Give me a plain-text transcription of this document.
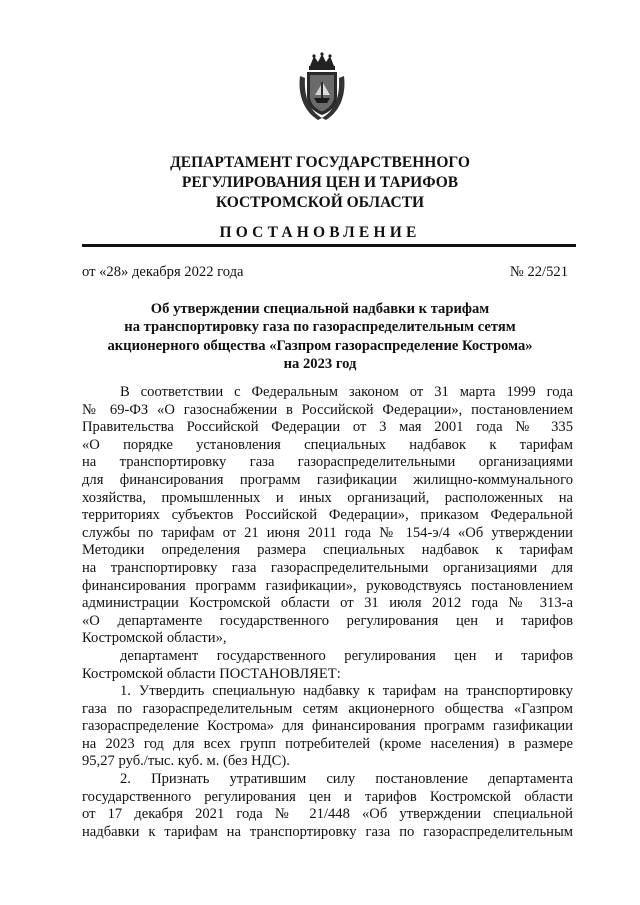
ДЕПАРТАМЕНТ ГОСУДАРСТВЕННОГО
РЕГУЛИРОВАНИЯ ЦЕН И ТАРИФОВ
КОСТРОМСКОЙ ОБЛАСТИ
ПОСТАНОВЛЕНИЕ
от «28» декабря 2022 года	№ 22/521
Об утверждении специальной надбавки к тарифам
на транспортировку газа по газораспределительным сетям
акционерного общества «Газпром газораспределение Кострома»
на 2023 год
В соответствии с Федеральным законом от 31 марта 1999 года
№ 69-ФЗ «О газоснабжении в Российской Федерации», постановлением
Правительства Российской Федерации от 3 мая 2001 года № 335
«О порядке установления специальных надбавок к тарифам
на транспортировку газа газораспределительными организациями
для финансирования программ газификации жилищно-коммунального
хозяйства, промышленных и иных организаций, расположенных на
территориях субъектов Российской Федерации», приказом Федеральной
службы по тарифам от 21 июня 2011 года № 154-э/4 «Об утверждении
Методики определения размера специальных надбавок к тарифам
на транспортировку газа газораспределительными организациями для
финансирования программ газификации», руководствуясь постановлением
администрации Костромской области от 31 июля 2012 года № 313-а
«О департаменте государственного регулирования цен и тарифов
Костромской области»,
департамент государственного регулирования цен и тарифов
Костромской области ПОСТАНОВЛЯЕТ:
1. Утвердить специальную надбавку к тарифам на транспортировку
газа по газораспределительным сетям акционерного общества «Газпром
газораспределение Кострома» для финансирования программ газификации
на 2023 год для всех групп потребителей (кроме населения) в размере
95,27 руб./тыс. куб. м. (без НДС).
2. Признать утратившим силу постановление департамента
государственного регулирования цен и тарифов Костромской области
от 17 декабря 2021 года № 21/448 «Об утверждении специальной
надбавки к тарифам на транспортировку газа по газораспределительным
